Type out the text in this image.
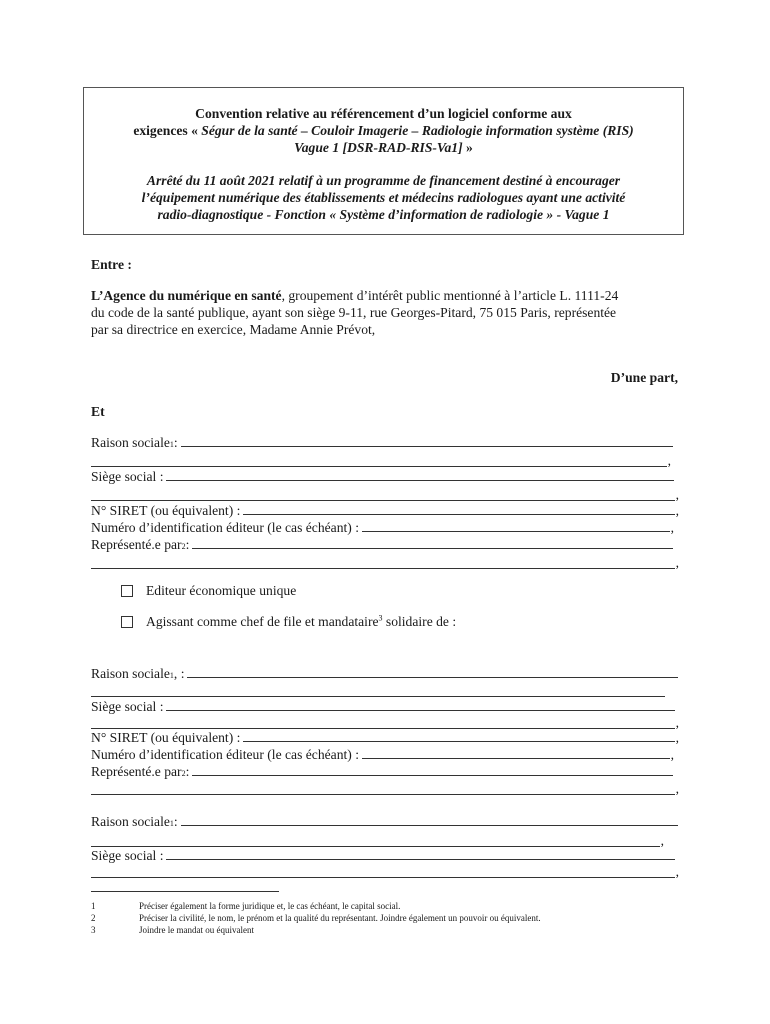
Convention relative au référencement d’un logiciel conforme aux
exigences « Ségur de la santé – Couloir Imagerie – Radiologie information système (RIS)
Vague 1 [DSR-RAD-RIS-Va1] »
Arrêté du 11 août 2021 relatif à un programme de financement destiné à encourager
l’équipement numérique des établissements et médecins radiologues ayant une activité
radio-diagnostique - Fonction « Système d’information de radiologie » - Vague 1
Entre :
L’Agence du numérique en santé, groupement d’intérêt public mentionné à l’article L. 1111-24
du code de la santé publique, ayant son siège 9-11, rue Georges-Pitard, 75 015 Paris, représentée
par sa directrice en exercice, Madame Annie Prévot,
D’une part,
Et
Raison sociale 1 :
,
Siège social :
,
N° SIRET (ou équivalent) :	,
Numéro d’identification éditeur (le cas échéant) :	,
Représenté.e par 2 :
,
Editeur économique unique
Agissant comme chef de file et mandataire$^3$ solidaire de :
Raison sociale 1 , :
Siège social :
,
N° SIRET (ou équivalent) :	,
Numéro d’identification éditeur (le cas échéant) :	,
Représenté.e par 2 :
,
Raison sociale 1 :
,
Siège social :
,
1	Préciser également la forme juridique et, le cas échéant, le capital social.
2	Préciser la civilité, le nom, le prénom et la qualité du représentant. Joindre également un pouvoir ou équivalent.
3	Joindre le mandat ou équivalent
